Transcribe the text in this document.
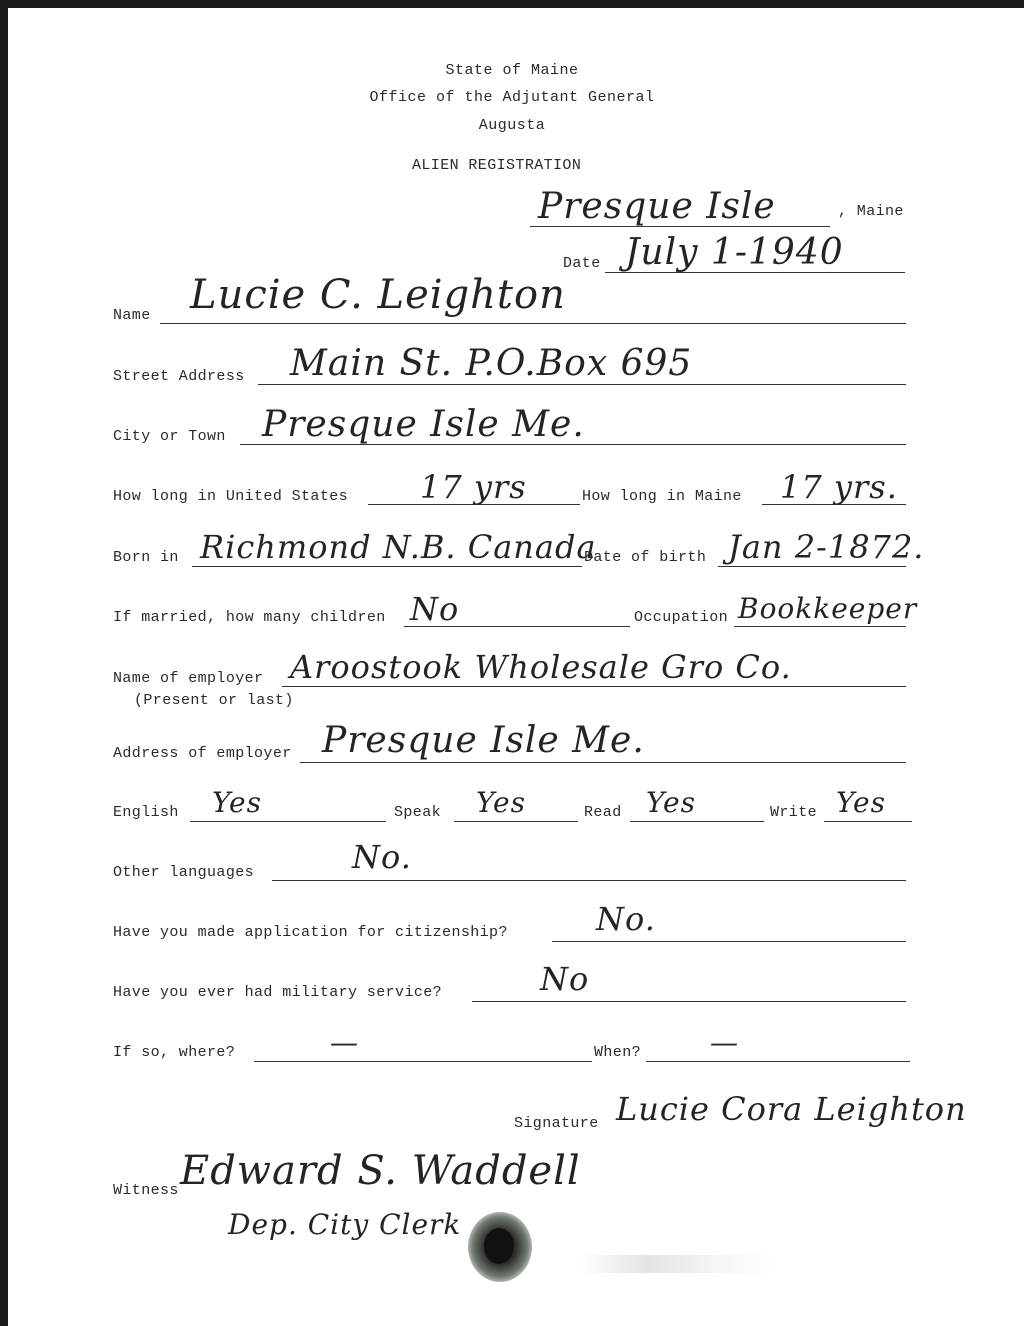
State of Maine
Office of the Adjutant General
Augusta
ALIEN REGISTRATION
Presque Isle	, Maine
Date July 1-1940
Name Lucie C. Leighton
Street Address Main St. P.O.Box 695
City or Town Presque Isle Me.
How long in United States 17 yrs	How long in Maine 17 yrs.
Born in Richmond N.B. Canada
Date of birth Jan 2-1872.
If married, how many children No	Occupation Bookkeeper
Name of employer
(Present or last)
Aroostook Wholesale Gro Co.
Address of employer Presque Isle Me.
English Yes	Speak Yes	Read Yes	Write Yes
Other languages	No.
Have you made application for citizenship?	No.
Have you ever had military service?	No
If so, where?	—	When? —
Signature Lucie Cora Leighton
Witness Edward S. Waddell
Dep. City Clerk
